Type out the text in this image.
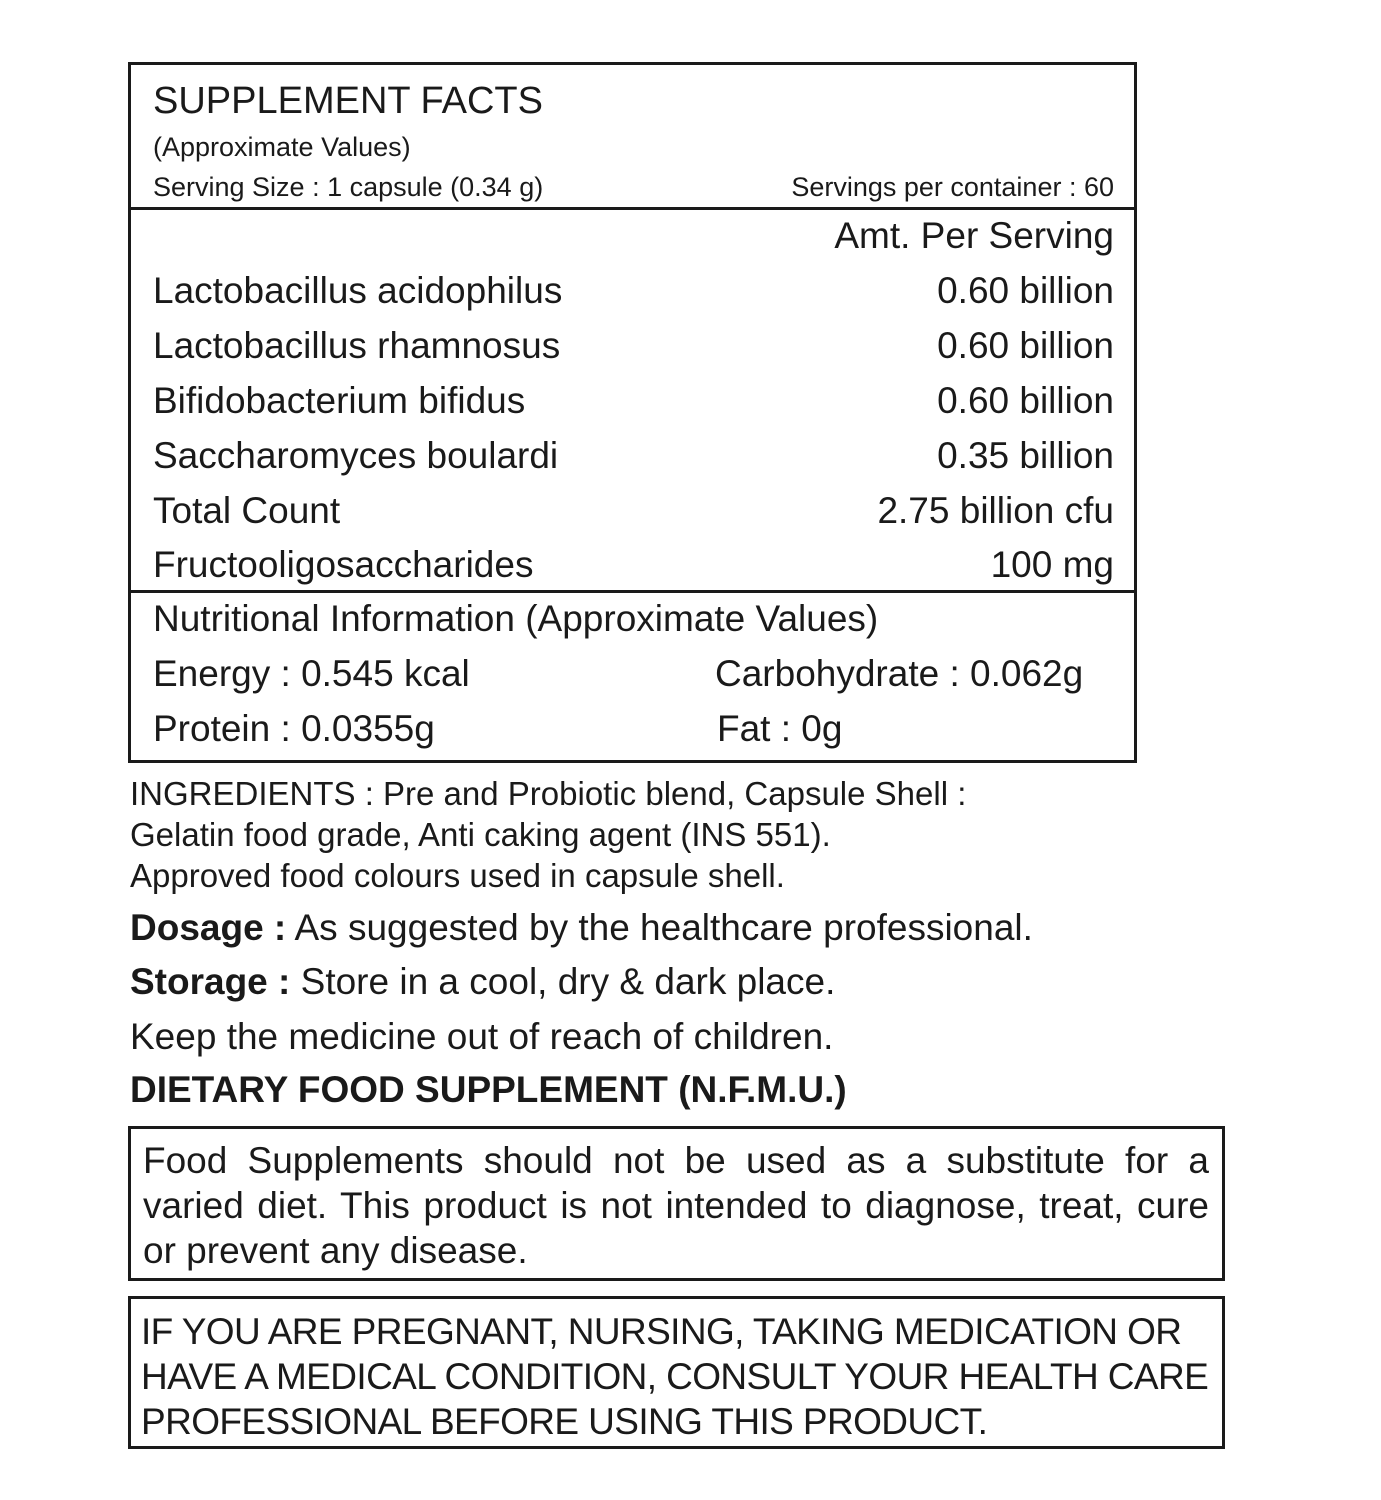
SUPPLEMENT FACTS
(Approximate Values)
Serving Size : 1 capsule (0.34 g)	Servings per container : 60
Amt. Per Serving
Lactobacillus acidophilus	0.60 billion
Lactobacillus rhamnosus	0.60 billion
Bifidobacterium bifidus	0.60 billion
Saccharomyces boulardi	0.35 billion
Total Count	2.75 billion cfu
Fructooligosaccharides	100 mg
Nutritional Information (Approximate Values)
Energy : 0.545 kcal	Carbohydrate : 0.062g
Protein : 0.0355g	Fat : 0g
INGREDIENTS : Pre and Probiotic blend, Capsule Shell :
Gelatin food grade, Anti caking agent (INS 551).
Approved food colours used in capsule shell.
Dosage : As suggested by the healthcare professional.
Storage : Store in a cool, dry & dark place.
Keep the medicine out of reach of children.
DIETARY FOOD SUPPLEMENT (N.F.M.U.)
Food Supplements should not be used as a substitute for a varied diet. This product is not intended to diagnose, treat, cure or prevent any disease.
IF YOU ARE PREGNANT, NURSING, TAKING MEDICATION OR
HAVE A MEDICAL CONDITION, CONSULT YOUR HEALTH CARE
PROFESSIONAL BEFORE USING THIS PRODUCT.
